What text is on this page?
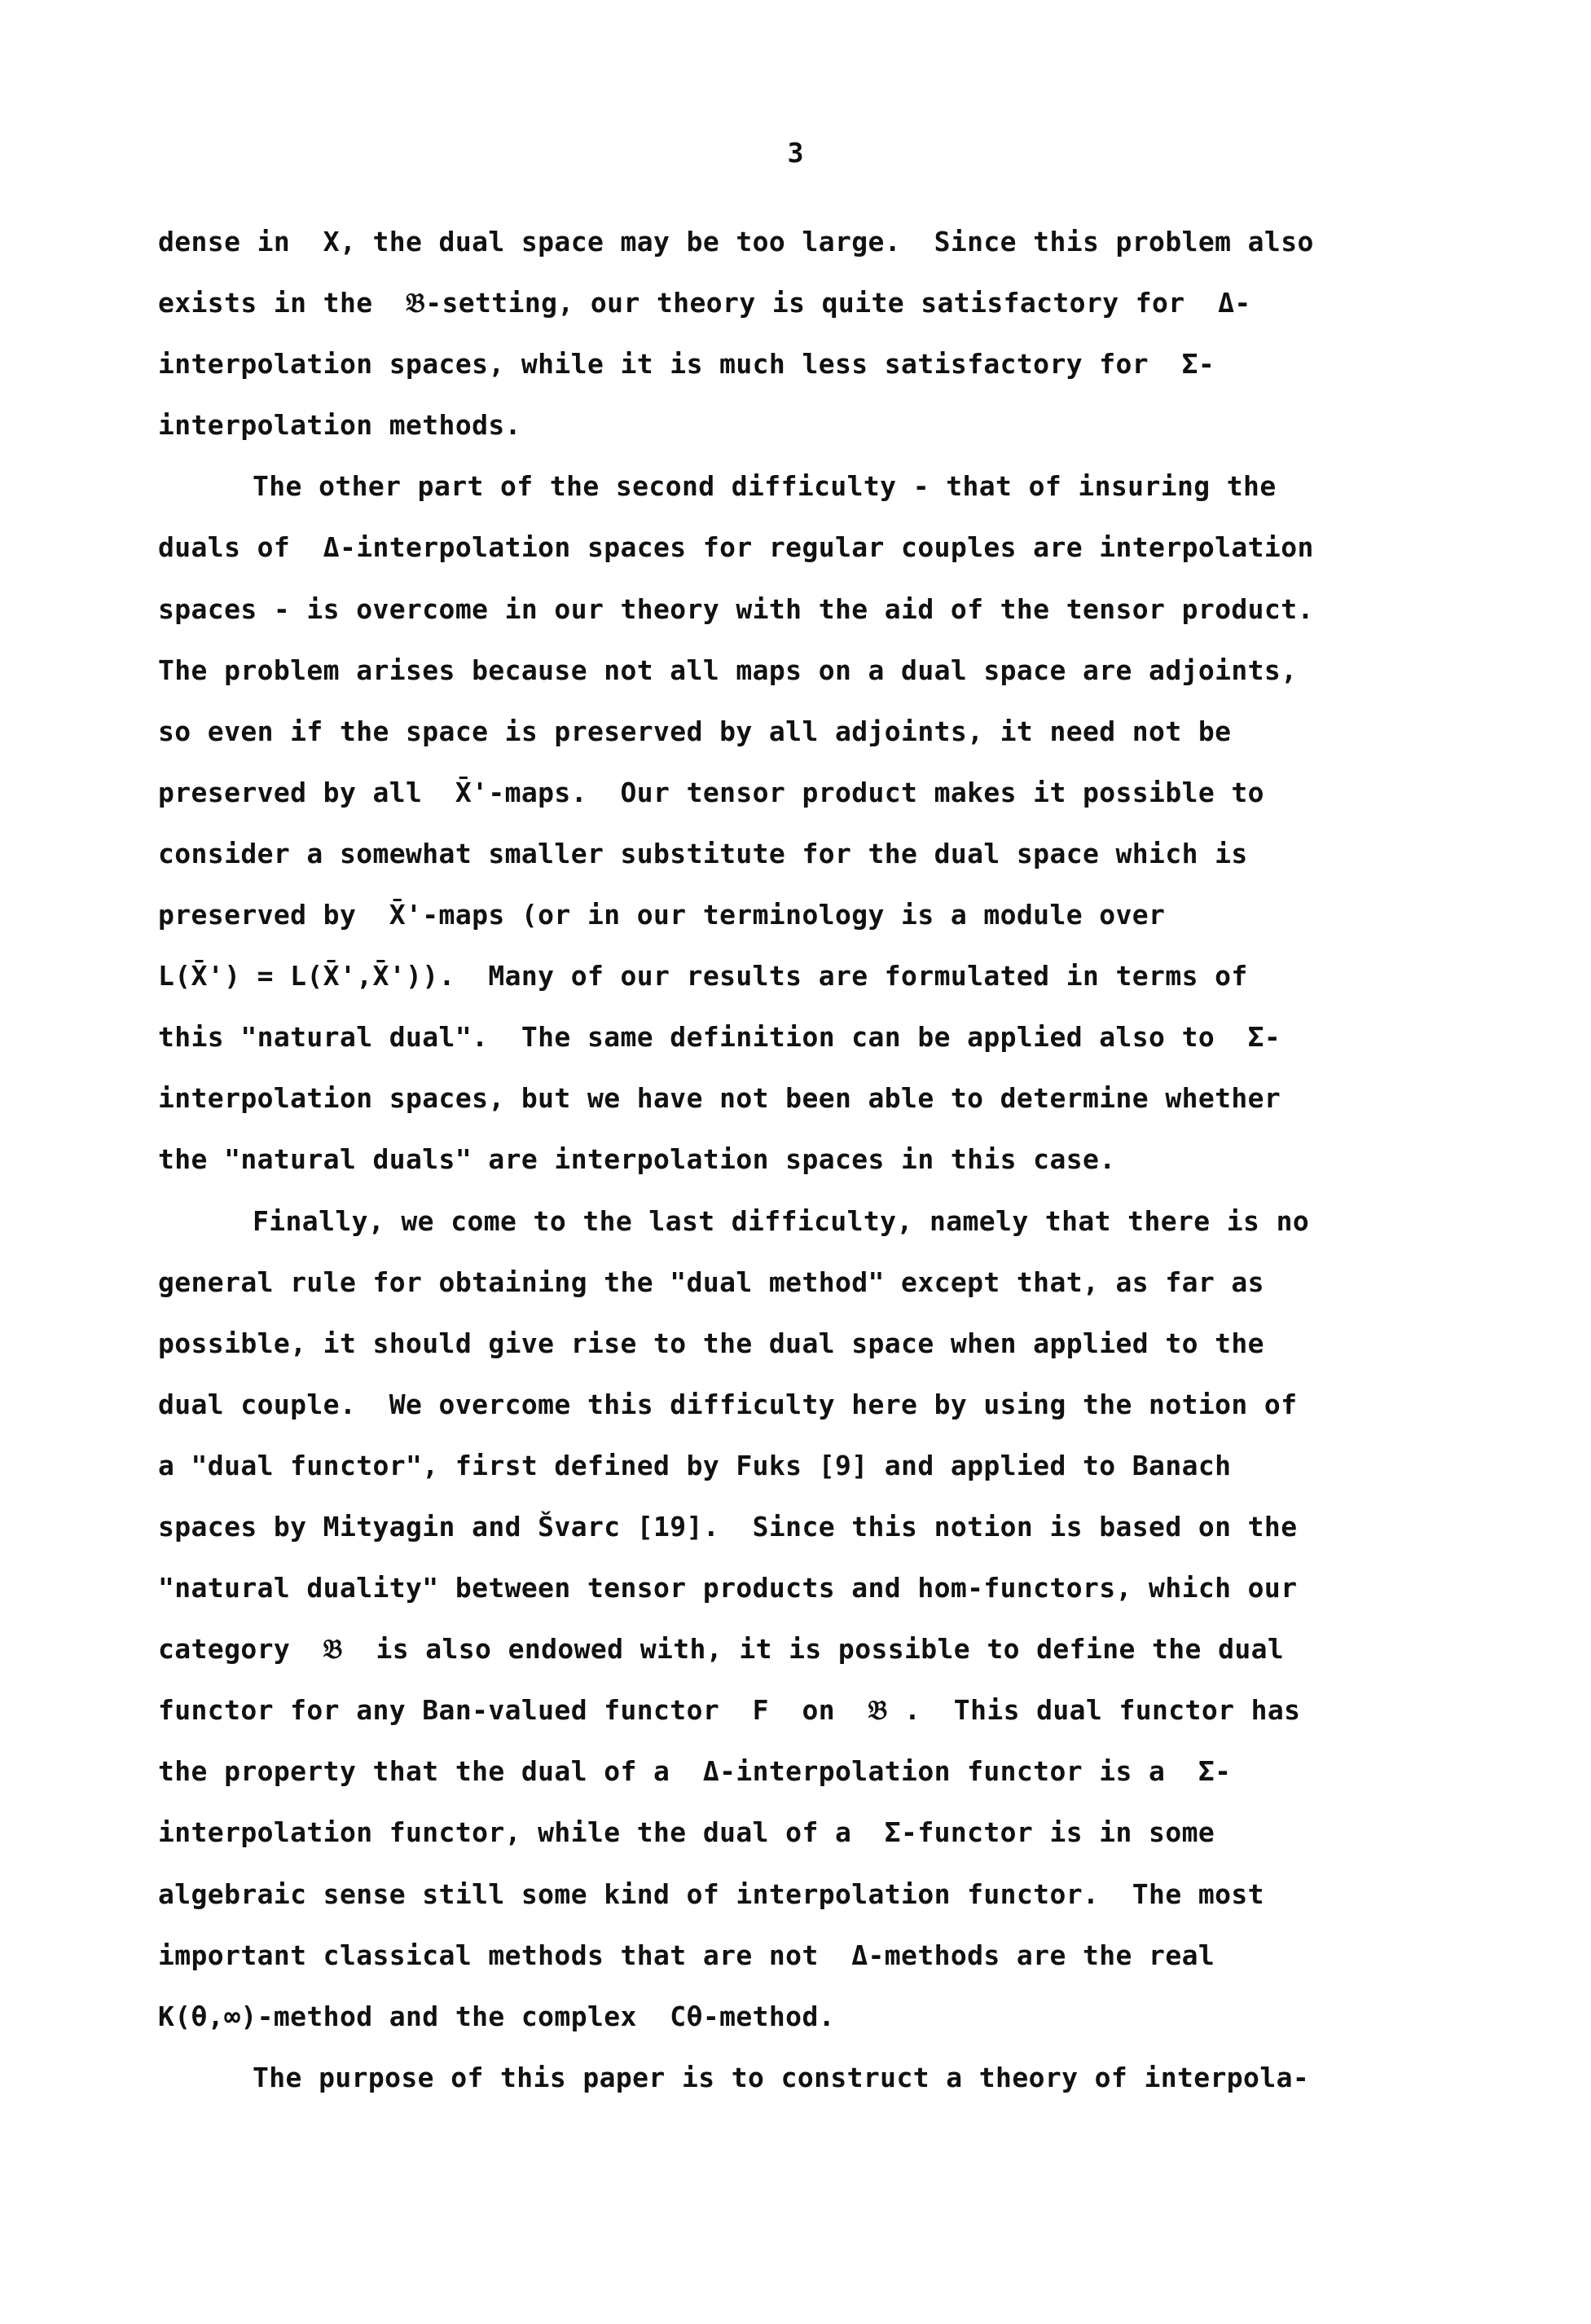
3
dense in  X, the dual space may be too large.  Since this problem also
exists in the  𝔅-setting, our theory is quite satisfactory for  Δ-
interpolation spaces, while it is much less satisfactory for  Σ-
interpolation methods.
The other part of the second difficulty - that of insuring the
duals of  Δ-interpolation spaces for regular couples are interpolation
spaces - is overcome in our theory with the aid of the tensor product.
The problem arises because not all maps on a dual space are adjoints,
so even if the space is preserved by all adjoints, it need not be
preserved by all  X̄'-maps.  Our tensor product makes it possible to
consider a somewhat smaller substitute for the dual space which is
preserved by  X̄'-maps (or in our terminology is a module over
L(X̄') = L(X̄',X̄')).  Many of our results are formulated in terms of
this "natural dual".  The same definition can be applied also to  Σ-
interpolation spaces, but we have not been able to determine whether
the "natural duals" are interpolation spaces in this case.
Finally, we come to the last difficulty, namely that there is no
general rule for obtaining the "dual method" except that, as far as
possible, it should give rise to the dual space when applied to the
dual couple.  We overcome this difficulty here by using the notion of
a "dual functor", first defined by Fuks [9] and applied to Banach
spaces by Mityagin and Švarc [19].  Since this notion is based on the
"natural duality" between tensor products and hom-functors, which our
category  𝔅  is also endowed with, it is possible to define the dual
functor for any Ban-valued functor  F  on  𝔅 .  This dual functor has
the property that the dual of a  Δ-interpolation functor is a  Σ-
interpolation functor, while the dual of a  Σ-functor is in some
algebraic sense still some kind of interpolation functor.  The most
important classical methods that are not  Δ-methods are the real
K(θ,∞)-method and the complex  Cθ-method.
The purpose of this paper is to construct a theory of interpola-
